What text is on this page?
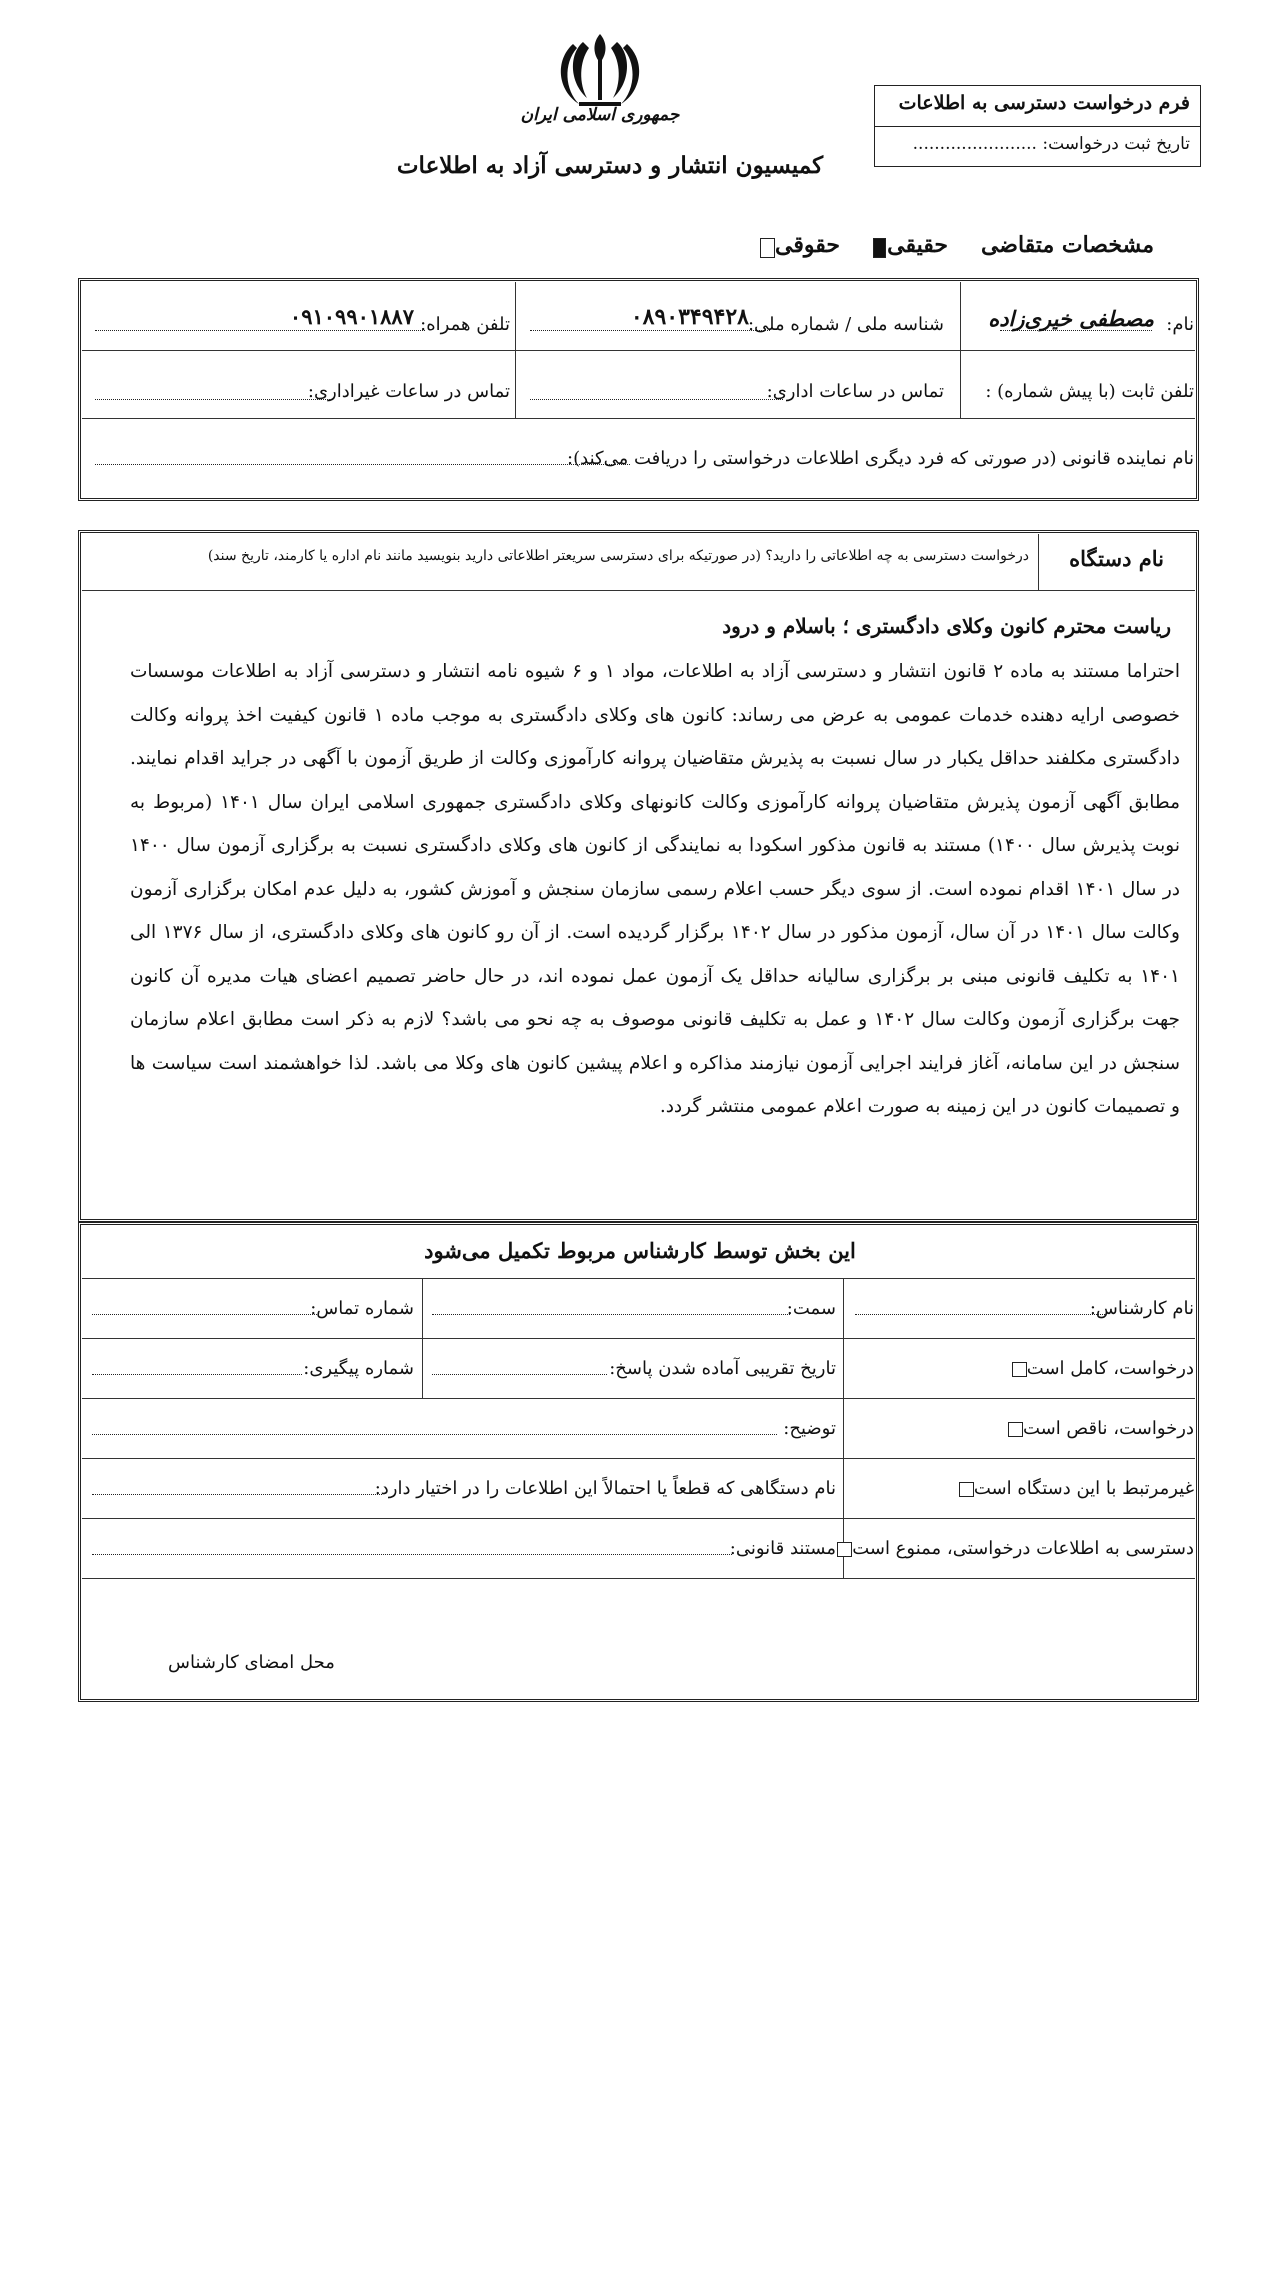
جمهوری اسلامی ایران
کمیسیون انتشار و دسترسی آزاد به اطلاعات
فرم درخواست دسترسی به اطلاعات
تاریخ ثبت درخواست: .......................
مشخصات متقاضی
حقیقی
حقوقی
نام:
مصطفی خیری‌زاده
شناسه ملی / شماره ملی:
۰۸۹۰۳۴۹۴۲۸
تلفن همراه:
۰۹۱۰۹۹۰۱۸۸۷
تلفن ثابت (با پیش شماره) :
تماس در ساعات اداری:
تماس در ساعات غیراداری:
نام نماینده قانونی (در صورتی که فرد دیگری اطلاعات درخواستی را دریافت می‌کند):
نام دستگاه
درخواست دسترسی به چه اطلاعاتی را دارید؟ (در صورتیکه برای دسترسی سریعتر اطلاعاتی دارید بنویسید مانند نام اداره یا کارمند، تاریخ سند)
ریاست محترم کانون وکلای دادگستری ؛ باسلام و درود
احتراما مستند به ماده ۲ قانون انتشار و دسترسی آزاد به اطلاعات، مواد ۱ و ۶ شیوه نامه انتشار و دسترسی آزاد به اطلاعات موسسات خصوصی ارایه دهنده خدمات عمومی به عرض می رساند: کانون های وکلای دادگستری به موجب ماده ۱ قانون کیفیت اخذ پروانه وکالت دادگستری مکلفند حداقل یکبار در سال نسبت به پذیرش متقاضیان پروانه کارآموزی وکالت از طریق آزمون با آگهی در جراید اقدام نمایند. مطابق آگهی آزمون پذیرش متقاضیان پروانه کارآموزی وکالت کانونهای وکلای دادگستری جمهوری اسلامی ایران سال ۱۴۰۱ (مربوط به نوبت پذیرش سال ۱۴۰۰) مستند به قانون مذکور اسکودا به نمایندگی از کانون های وکلای دادگستری نسبت به برگزاری آزمون سال ۱۴۰۰ در سال ۱۴۰۱ اقدام نموده است. از سوی دیگر حسب اعلام رسمی سازمان سنجش و آموزش کشور، به دلیل عدم امکان برگزاری آزمون وکالت سال ۱۴۰۱ در آن سال، آزمون مذکور در سال ۱۴۰۲ برگزار گردیده است. از آن رو کانون های وکلای دادگستری، از سال ۱۳۷۶ الی ۱۴۰۱ به تکلیف قانونی مبنی بر برگزاری سالیانه حداقل یک آزمون عمل نموده اند، در حال حاضر تصمیم اعضای هیات مدیره آن کانون جهت برگزاری آزمون وکالت سال ۱۴۰۲ و عمل به تکلیف قانونی موصوف به چه نحو می باشد؟ لازم به ذکر است مطابق اعلام سازمان سنجش در این سامانه، آغاز فرایند اجرایی آزمون نیازمند مذاکره و اعلام پیشین کانون های وکلا می باشد. لذا خواهشمند است سیاست ها و تصمیمات کانون در این زمینه به صورت اعلام عمومی منتشر گردد.
این بخش توسط کارشناس مربوط تکمیل می‌شود
نام کارشناس:
سمت:
شماره تماس:
درخواست، کامل است
تاریخ تقریبی آماده شدن پاسخ:
شماره پیگیری:
درخواست، ناقص است
توضیح:
غیرمرتبط با این دستگاه است
نام دستگاهی که قطعاً یا احتمالاً این اطلاعات را در اختیار دارد:
دسترسی به اطلاعات درخواستی، ممنوع است
مستند قانونی:
محل امضای کارشناس
